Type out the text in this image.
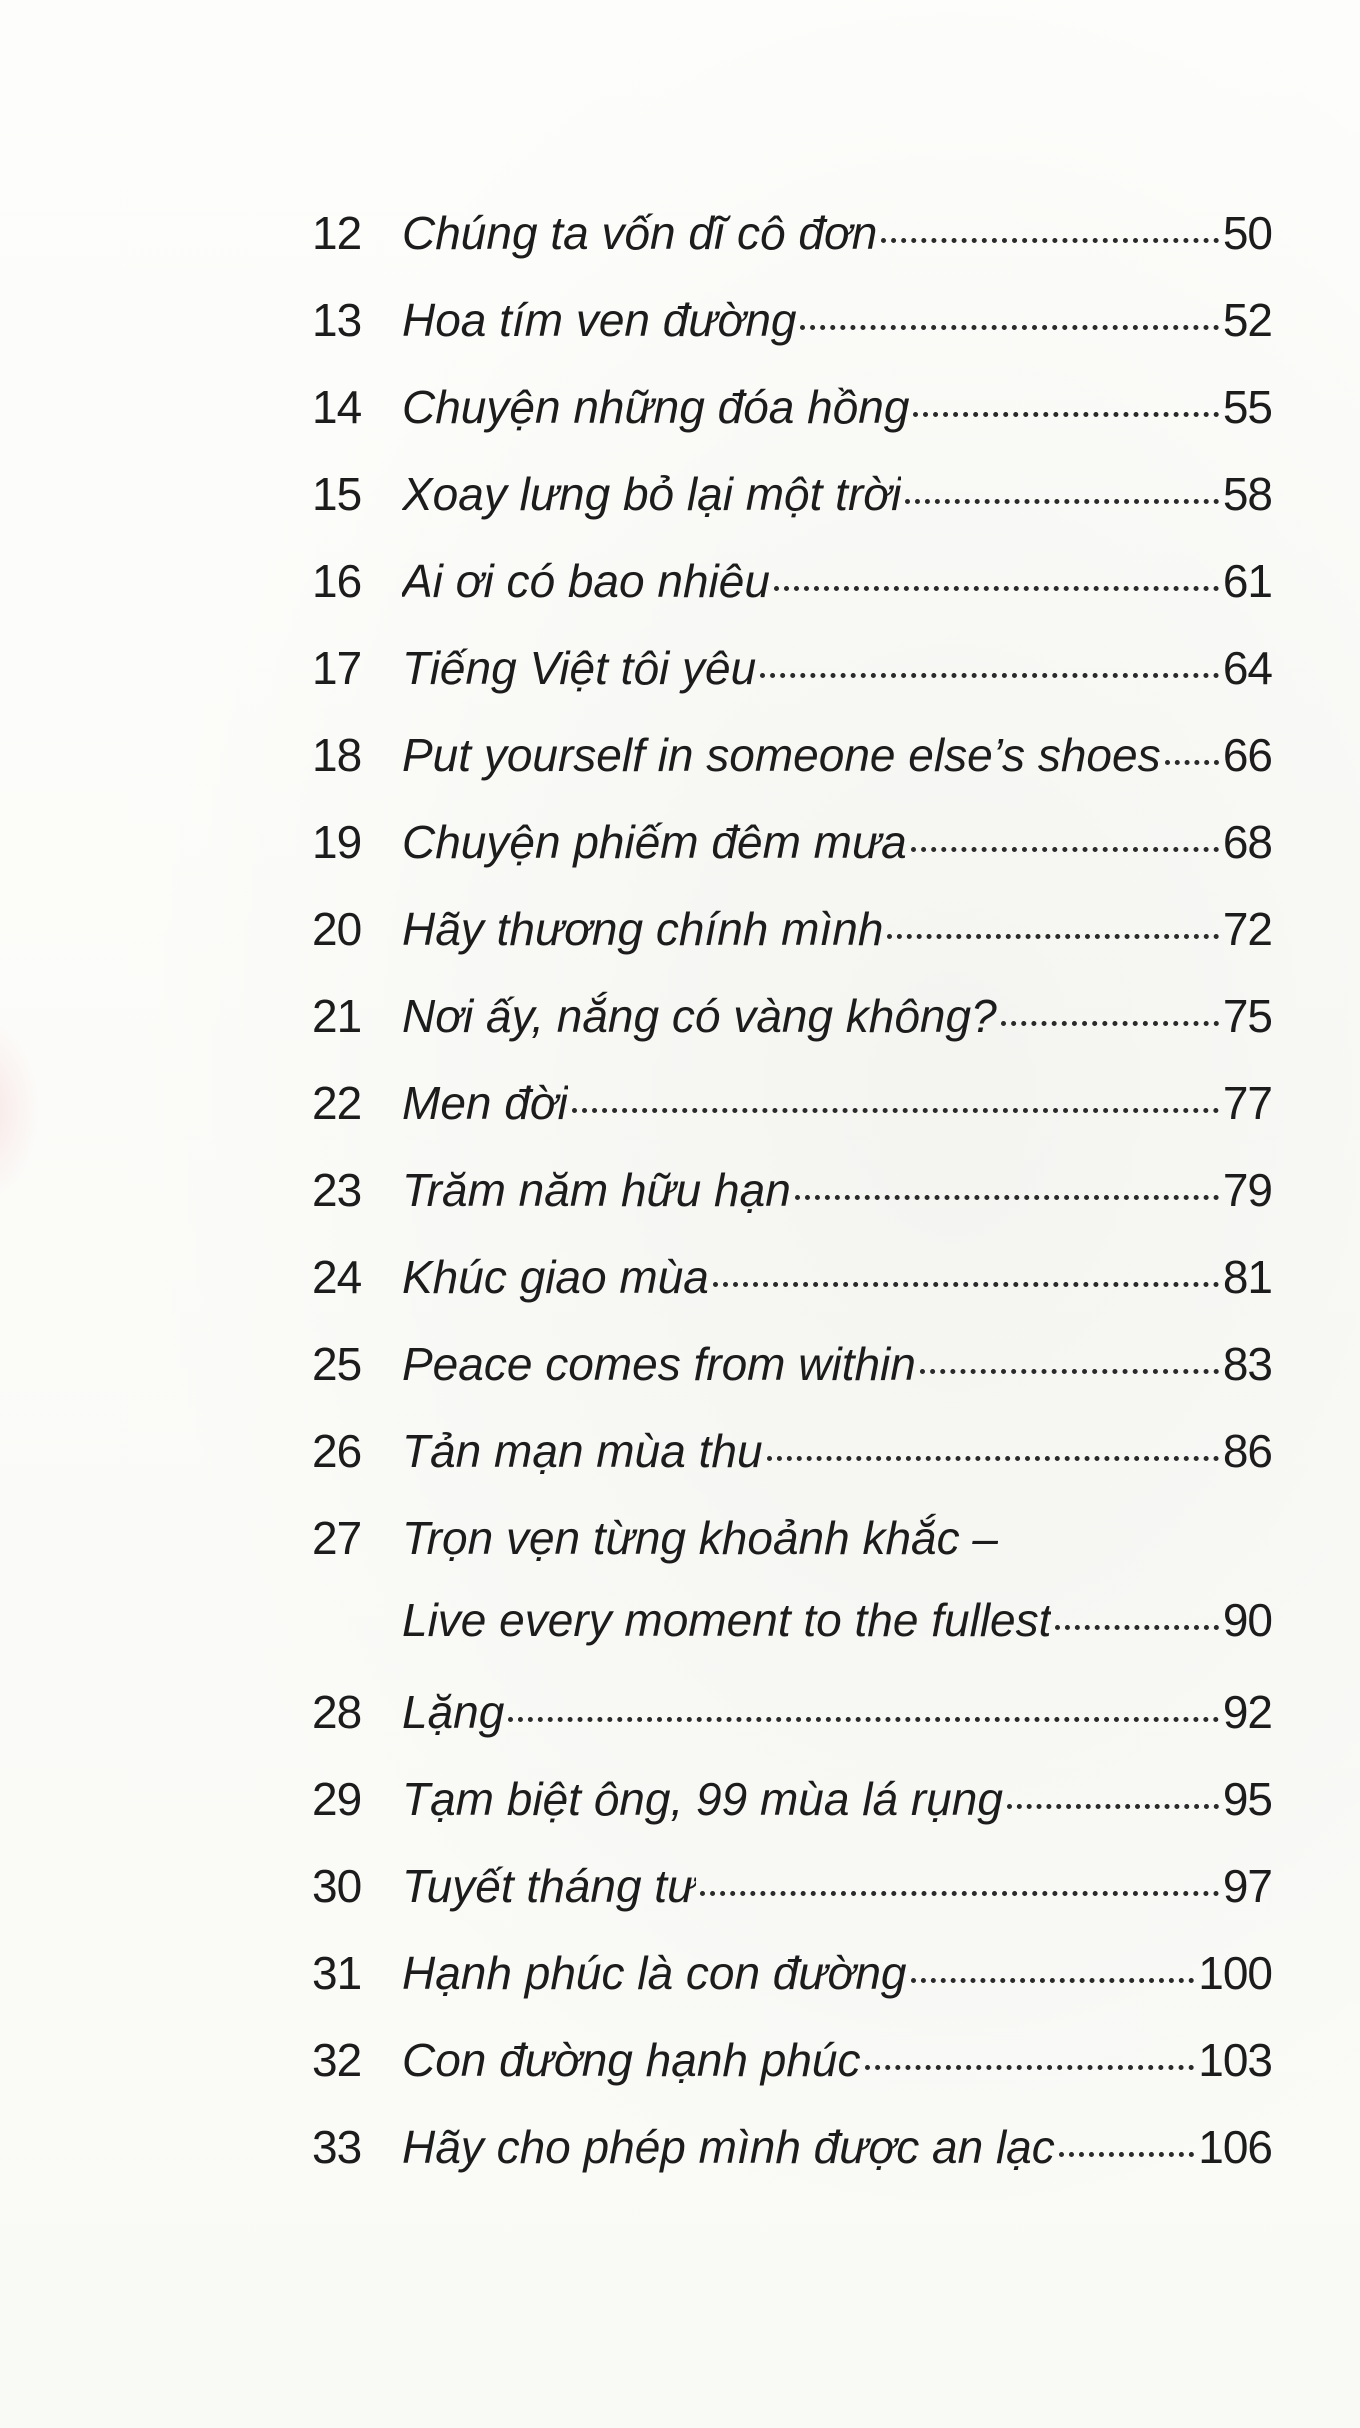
12 Chúng ta vốn dĩ cô đơn	50
13 Hoa tím ven đường	52
14 Chuyện những đóa hồng	55
15 Xoay lưng bỏ lại một trời	58
16 Ai ơi có bao nhiêu	61
17 Tiếng Việt tôi yêu	64
18 Put yourself in someone else’s shoes 66
19 Chuyện phiếm đêm mưa	68
20 Hãy thương chính mình	72
21 Nơi ấy, nắng có vàng không?	75
22 Men đời	77
23 Trăm năm hữu hạn	79
24 Khúc giao mùa	81
25 Peace comes from within	83
26 Tản mạn mùa thu	86
27 Trọn vẹn từng khoảnh khắc –
Live every moment to the fullest	90
28 Lặng	92
29 Tạm biệt ông, 99 mùa lá rụng	95
30 Tuyết tháng tư	97
31 Hạnh phúc là con đường	100
32 Con đường hạnh phúc	103
33 Hãy cho phép mình được an lạc	106
